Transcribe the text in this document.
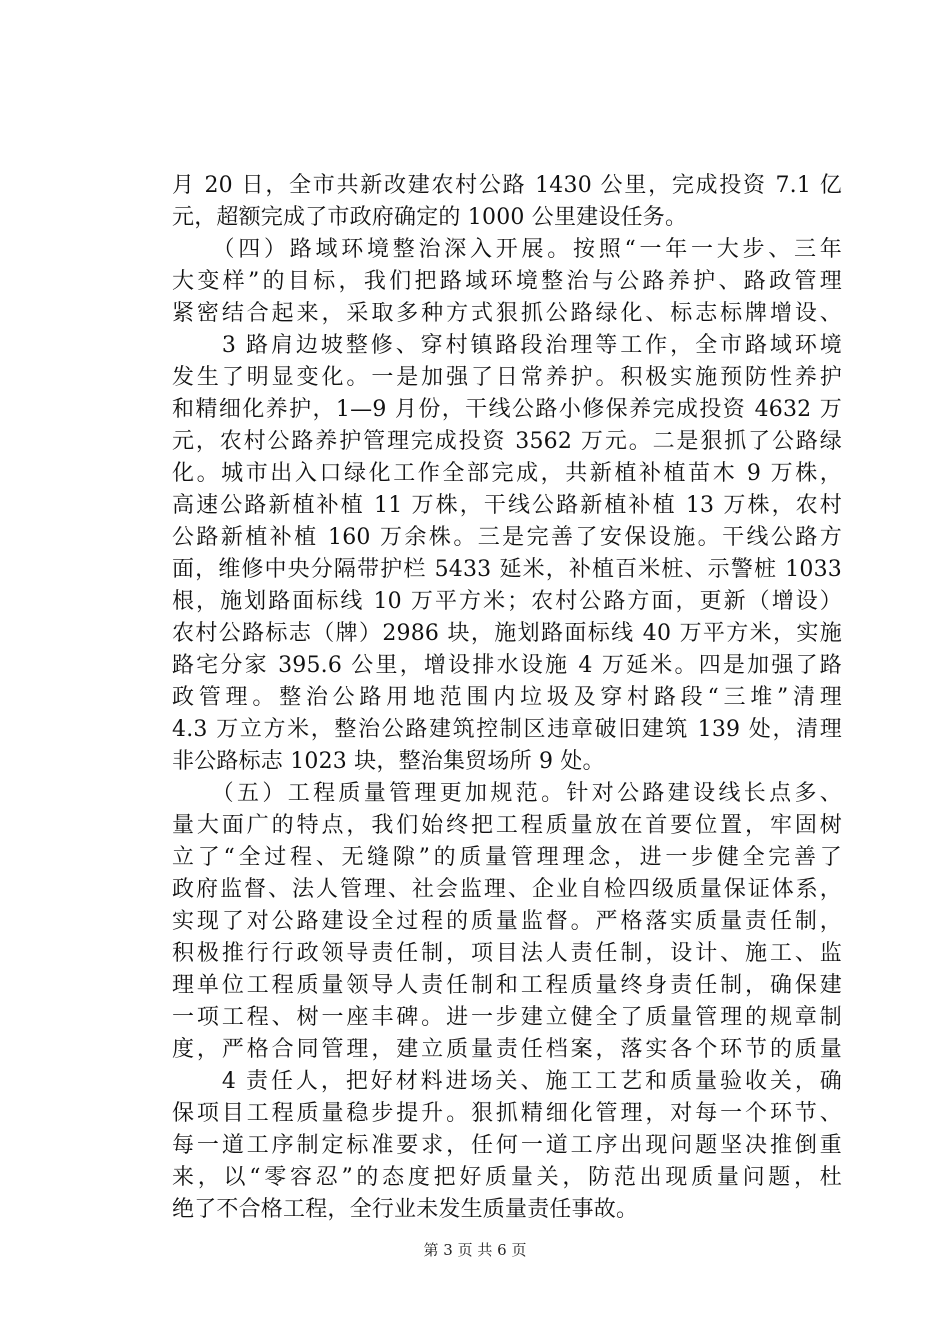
月 20 日，全市共新改建农村公路 1430 公里，完成投资 7.1 亿
元，超额完成了市政府确定的 1000 公里建设任务。
　　（四）路域环境整治深入开展。按照“一年一大步、三年
大变样”的目标，我们把路域环境整治与公路养护、路政管理
紧密结合起来，采取多种方式狠抓公路绿化、标志标牌增设、
　　3 路肩边坡整修、穿村镇路段治理等工作，全市路域环境
发生了明显变化。一是加强了日常养护。积极实施预防性养护
和精细化养护，1—9 月份，干线公路小修保养完成投资 4632 万
元，农村公路养护管理完成投资 3562 万元。二是狠抓了公路绿
化。城市出入口绿化工作全部完成，共新植补植苗木 9 万株，
高速公路新植补植 11 万株，干线公路新植补植 13 万株，农村
公路新植补植 160 万余株。三是完善了安保设施。干线公路方
面，维修中央分隔带护栏 5433 延米，补植百米桩、示警桩 1033
根，施划路面标线 10 万平方米；农村公路方面，更新（增设）
农村公路标志（牌）2986 块，施划路面标线 40 万平方米，实施
路宅分家 395.6 公里，增设排水设施 4 万延米。四是加强了路
政管理。整治公路用地范围内垃圾及穿村路段“三堆”清理
4.3 万立方米，整治公路建筑控制区违章破旧建筑 139 处，清理
非公路标志 1023 块，整治集贸场所 9 处。
　　（五）工程质量管理更加规范。针对公路建设线长点多、
量大面广的特点，我们始终把工程质量放在首要位置，牢固树
立了“全过程、无缝隙”的质量管理理念，进一步健全完善了
政府监督、法人管理、社会监理、企业自检四级质量保证体系，
实现了对公路建设全过程的质量监督。严格落实质量责任制，
积极推行行政领导责任制，项目法人责任制，设计、施工、监
理单位工程质量领导人责任制和工程质量终身责任制，确保建
一项工程、树一座丰碑。进一步建立健全了质量管理的规章制
度，严格合同管理，建立质量责任档案，落实各个环节的质量
　　4 责任人，把好材料进场关、施工工艺和质量验收关，确
保项目工程质量稳步提升。狠抓精细化管理，对每一个环节、
每一道工序制定标准要求，任何一道工序出现问题坚决推倒重
来，以“零容忍”的态度把好质量关，防范出现质量问题，杜
绝了不合格工程，全行业未发生质量责任事故。
第 3 页 共 6 页
